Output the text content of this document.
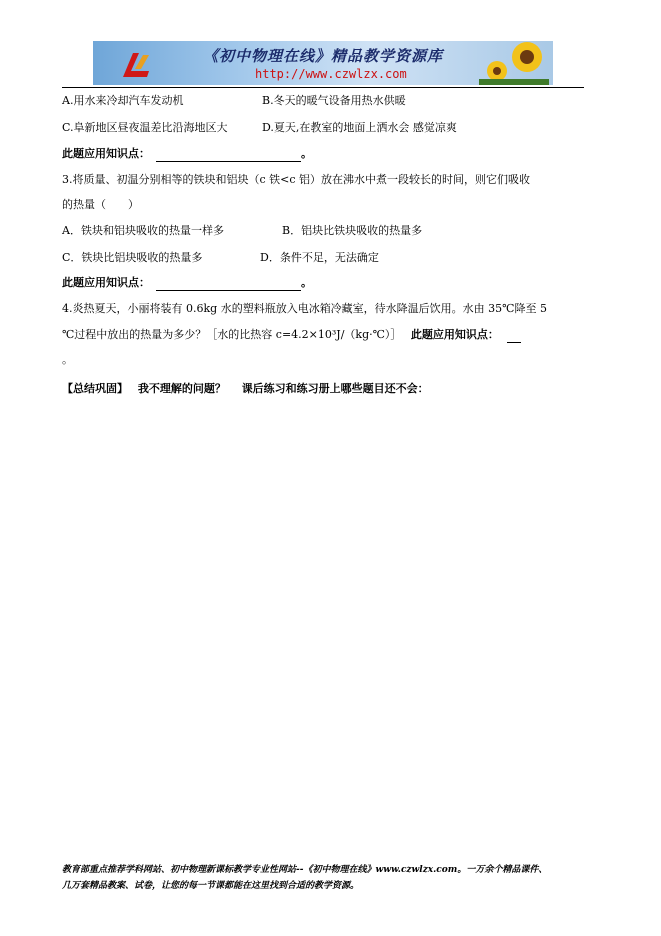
《初中物理在线》精品教学资源库
http://www.czwlzx.com
A.用水来冷却汽车发动机	B.冬天的暖气设备用热水供暖
C.阜新地区昼夜温差比沿海地区大	D.夏天,在教室的地面上洒水会 感觉凉爽
此题应用知识点：	。
3.将质量、初温分别相等的铁块和铝块（c 铁<c 铝）放在沸水中煮一段较长的时间，则它们吸收
的热量（　　）
A．铁块和铝块吸收的热量一样多	B．铝块比铁块吸收的热量多
C．铁块比铝块吸收的热量多	D．条件不足，无法确定
此题应用知识点：	。
4.炎热夏天，小丽将装有 0.6kg 水的塑料瓶放入电冰箱冷藏室，待水降温后饮用。水由 35℃降至 5
℃过程中放出的热量为多少？［水的比热容 c=4.2×10³J/（kg·℃）］ 此题应用知识点：
。
【总结巩固】 我不理解的问题？ 课后练习和练习册上哪些题目还不会：
教育部重点推荐学科网站、初中物理新课标教学专业性网站--《初中物理在线》www.czwlzx.com。一万余个精品课件、
几万套精品教案、试卷，让您的每一节课都能在这里找到合适的教学资源。
